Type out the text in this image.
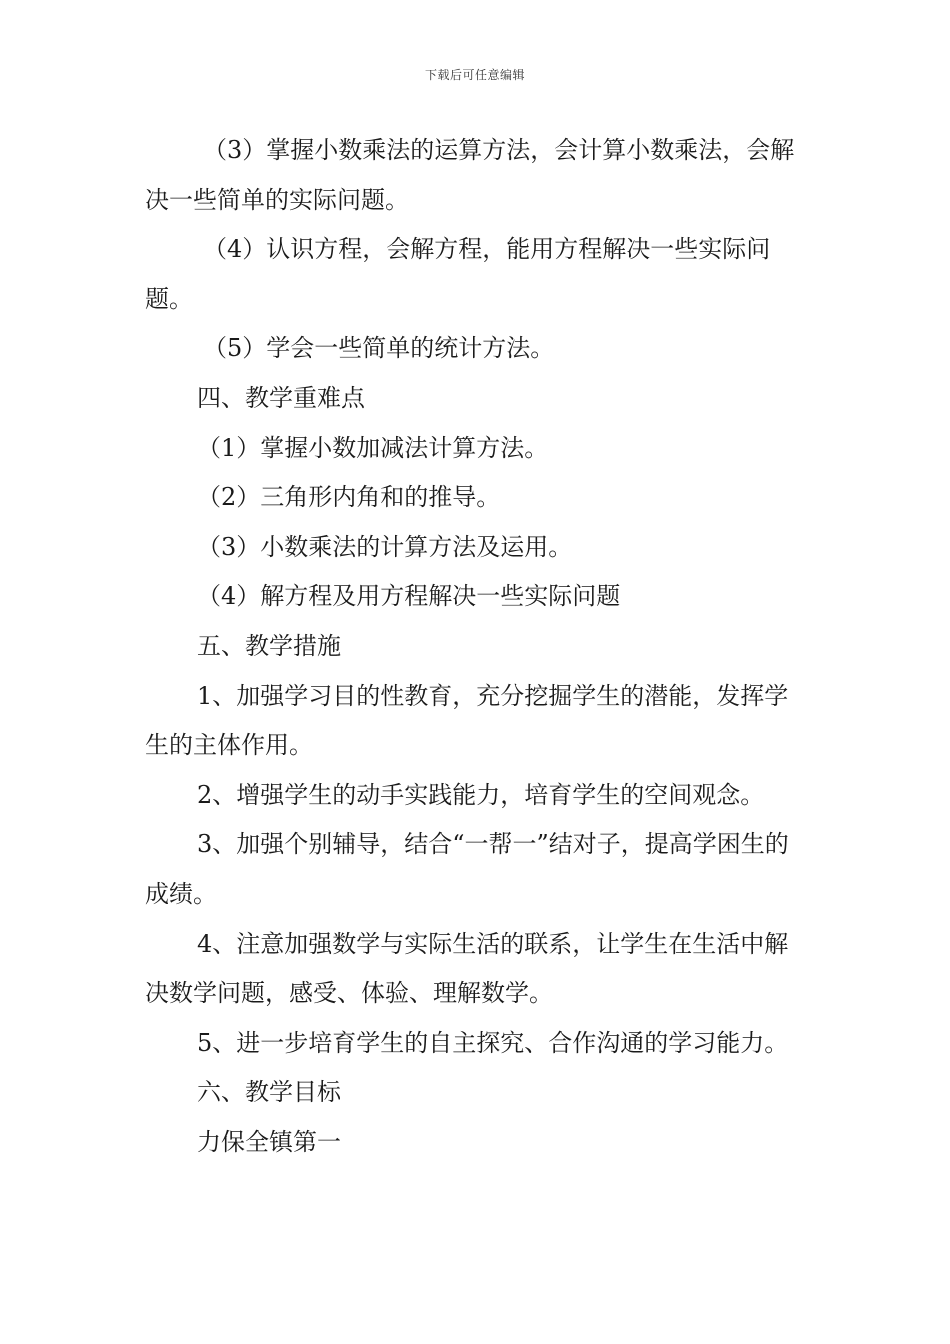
下载后可任意编辑

（3）掌握小数乘法的运算方法，会计算小数乘法，会解决一些简单的实际问题。

（4）认识方程，会解方程，能用方程解决一些实际问题。

（5）学会一些简单的统计方法。

四、教学重难点

（1）掌握小数加减法计算方法。

（2）三角形内角和的推导。

（3）小数乘法的计算方法及运用。

（4）解方程及用方程解决一些实际问题

五、教学措施

1、加强学习目的性教育，充分挖掘学生的潜能，发挥学生的主体作用。

2、增强学生的动手实践能力，培育学生的空间观念。

3、加强个别辅导，结合“一帮一”结对子，提高学困生的成绩。

4、注意加强数学与实际生活的联系，让学生在生活中解决数学问题，感受、体验、理解数学。

5、进一步培育学生的自主探究、合作沟通的学习能力。

六、教学目标

力保全镇第一
